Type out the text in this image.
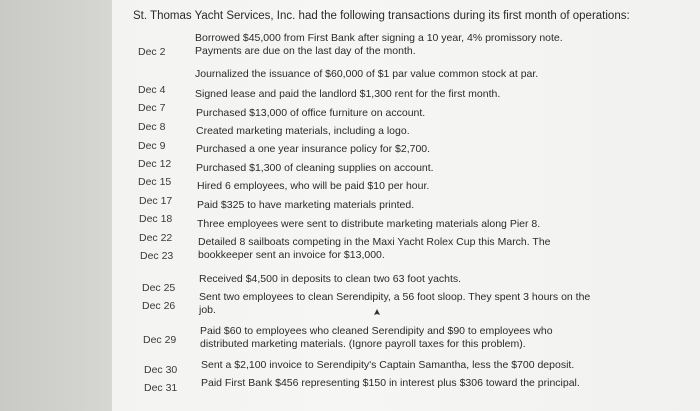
St. Thomas Yacht Services, Inc. had the following transactions during its first month of operations:
Dec 2
Borrowed $45,000 from First Bank after signing a 10 year, 4% promissory note. Payments are due on the last day of the month.
Dec 4
Journalized the issuance of $60,000 of $1 par value common stock at par.
Dec 7
Signed lease and paid the landlord $1,300 rent for the first month.
Dec 8
Purchased $13,000 of office furniture on account.
Dec 9
Created marketing materials, including a logo.
Dec 12
Purchased a one year insurance policy for $2,700.
Dec 15
Purchased $1,300 of cleaning supplies on account.
Dec 17
Hired 6 employees, who will be paid $10 per hour.
Dec 18
Paid $325 to have marketing materials printed.
Dec 22
Three employees were sent to distribute marketing materials along Pier 8.
Dec 23
Detailed 8 sailboats competing in the Maxi Yacht Rolex Cup this March. The bookkeeper sent an invoice for $13,000.
Dec 25
Received $4,500 in deposits to clean two 63 foot yachts.
Dec 26
Sent two employees to clean Serendipity, a 56 foot sloop. They spent 3 hours on the job.
Dec 29
Paid $60 to employees who cleaned Serendipity and $90 to employees who distributed marketing materials. (Ignore payroll taxes for this problem).
Dec 30 Sent a $2,100 invoice to Serendipity's Captain Samantha, less the $700 deposit.
Dec 31 Paid First Bank $456 representing $150 in interest plus $306 toward the principal.
